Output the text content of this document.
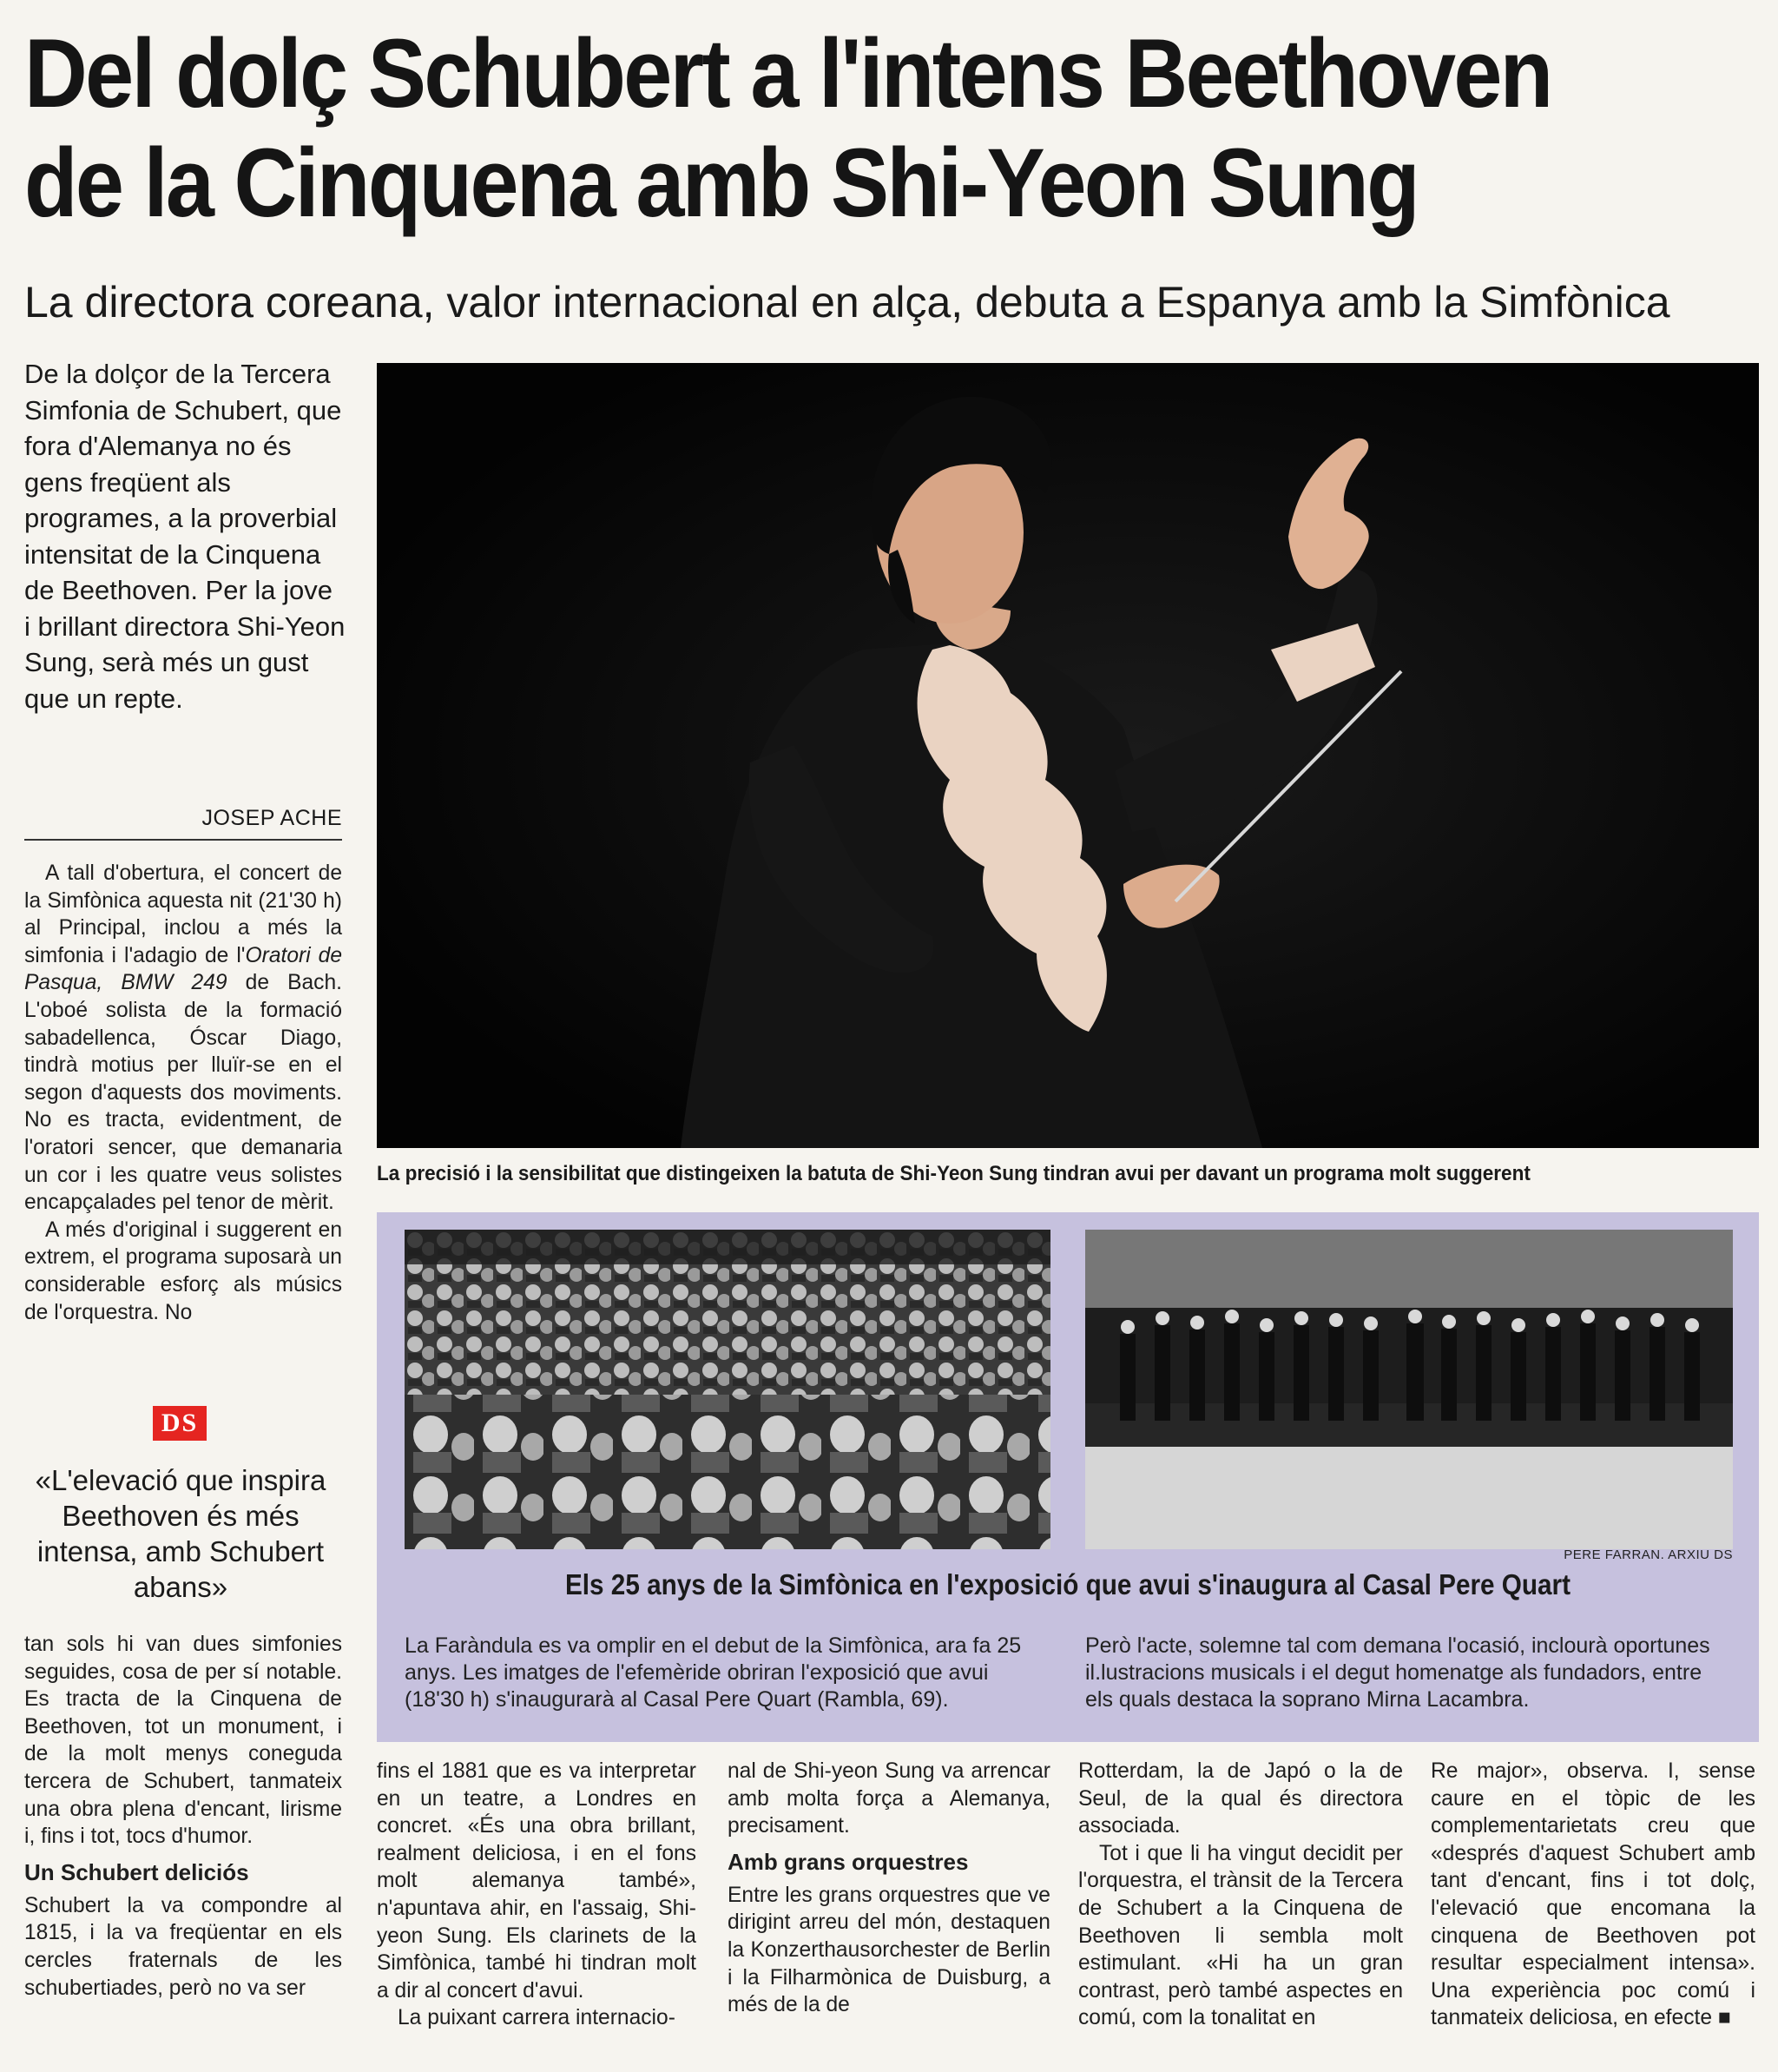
Del dolç Schubert a l'intens Beethoven
de la Cinquena amb Shi-Yeon Sung
La directora coreana, valor internacional en alça, debuta a Espanya amb la Simfònica

De la dolçor de la Tercera Simfonia de Schubert, que fora d'Alemanya no és gens freqüent als programes, a la proverbial intensitat de la Cinquena de Beethoven. Per la jove i brillant directora Shi-Yeon Sung, serà més un gust que un repte.

JOSEP ACHE

A tall d'obertura, el concert de la Simfònica aquesta nit (21'30 h) al Principal, inclou a més la simfonia i l'adagio de l'Oratori de Pasqua, BMW 249 de Bach. L'oboé solista de la formació sabadellenca, Óscar Diago, tindrà motius per lluïr-se en el segon d'aquests dos moviments. No es tracta, evidentment, de l'oratori sencer, que demanaria un cor i les quatre veus solistes encapçalades pel tenor de mèrit.

A més d'original i suggerent en extrem, el programa suposarà un considerable esforç als músics de l'orquestra. No

DS
«L'elevació que inspira Beethoven és més intensa, amb Schubert abans»

tan sols hi van dues simfonies seguides, cosa de per sí notable. Es tracta de la Cinquena de Beethoven, tot un monument, i de la molt menys coneguda tercera de Schubert, tanmateix una obra plena d'encant, lirisme i, fins i tot, tocs d'humor.

Un Schubert deliciós

Schubert la va compondre al 1815, i la va freqüentar en els cercles fraternals de les schubertiades, però no va ser

La precisió i la sensibilitat que distingeixen la batuta de Shi-Yeon Sung tindran avui per davant un programa molt suggerent
PERE FARRAN. ARXIU DS
Els 25 anys de la Simfònica en l'exposició que avui s'inaugura al Casal Pere Quart
La Faràndula es va omplir en el debut de la Simfònica, ara fa 25 anys. Les imatges de l'efemèride obriran l'exposició que avui (18'30 h) s'inaugurarà al Casal Pere Quart (Rambla, 69).
Però l'acte, solemne tal com demana l'ocasió, inclourà oportunes il.lustracions musicals i el degut homenatge als fundadors, entre els quals destaca la soprano Mirna Lacambra.

fins el 1881 que es va interpretar en un teatre, a Londres en concret. «És una obra brillant, realment deliciosa, i en el fons molt alemanya també», n'apuntava ahir, en l'assaig, Shi-yeon Sung. Els clarinets de la Simfònica, també hi tindran molt a dir al concert d'avui.

La puixant carrera internacio-

nal de Shi-yeon Sung va arrencar amb molta força a Alemanya, precisament.

Amb grans orquestres

Entre les grans orquestres que ve dirigint arreu del món, destaquen la Konzerthausorchester de Berlin i la Filharmònica de Duisburg, a més de la de

Rotterdam, la de Japó o la de Seul, de la qual és directora associada.

Tot i que li ha vingut decidit per l'orquestra, el trànsit de la Tercera de Schubert a la Cinquena de Beethoven li sembla molt estimulant. «Hi ha un gran contrast, però també aspectes en comú, com la tonalitat en

Re major», observa. I, sense caure en el tòpic de les complementarietats creu que «després d'aquest Schubert amb tant d'encant, fins i tot dolç, l'elevació que encomana la cinquena de Beethoven pot resultar especialment intensa». Una experiència poc comú i tanmateix deliciosa, en efecte ■
